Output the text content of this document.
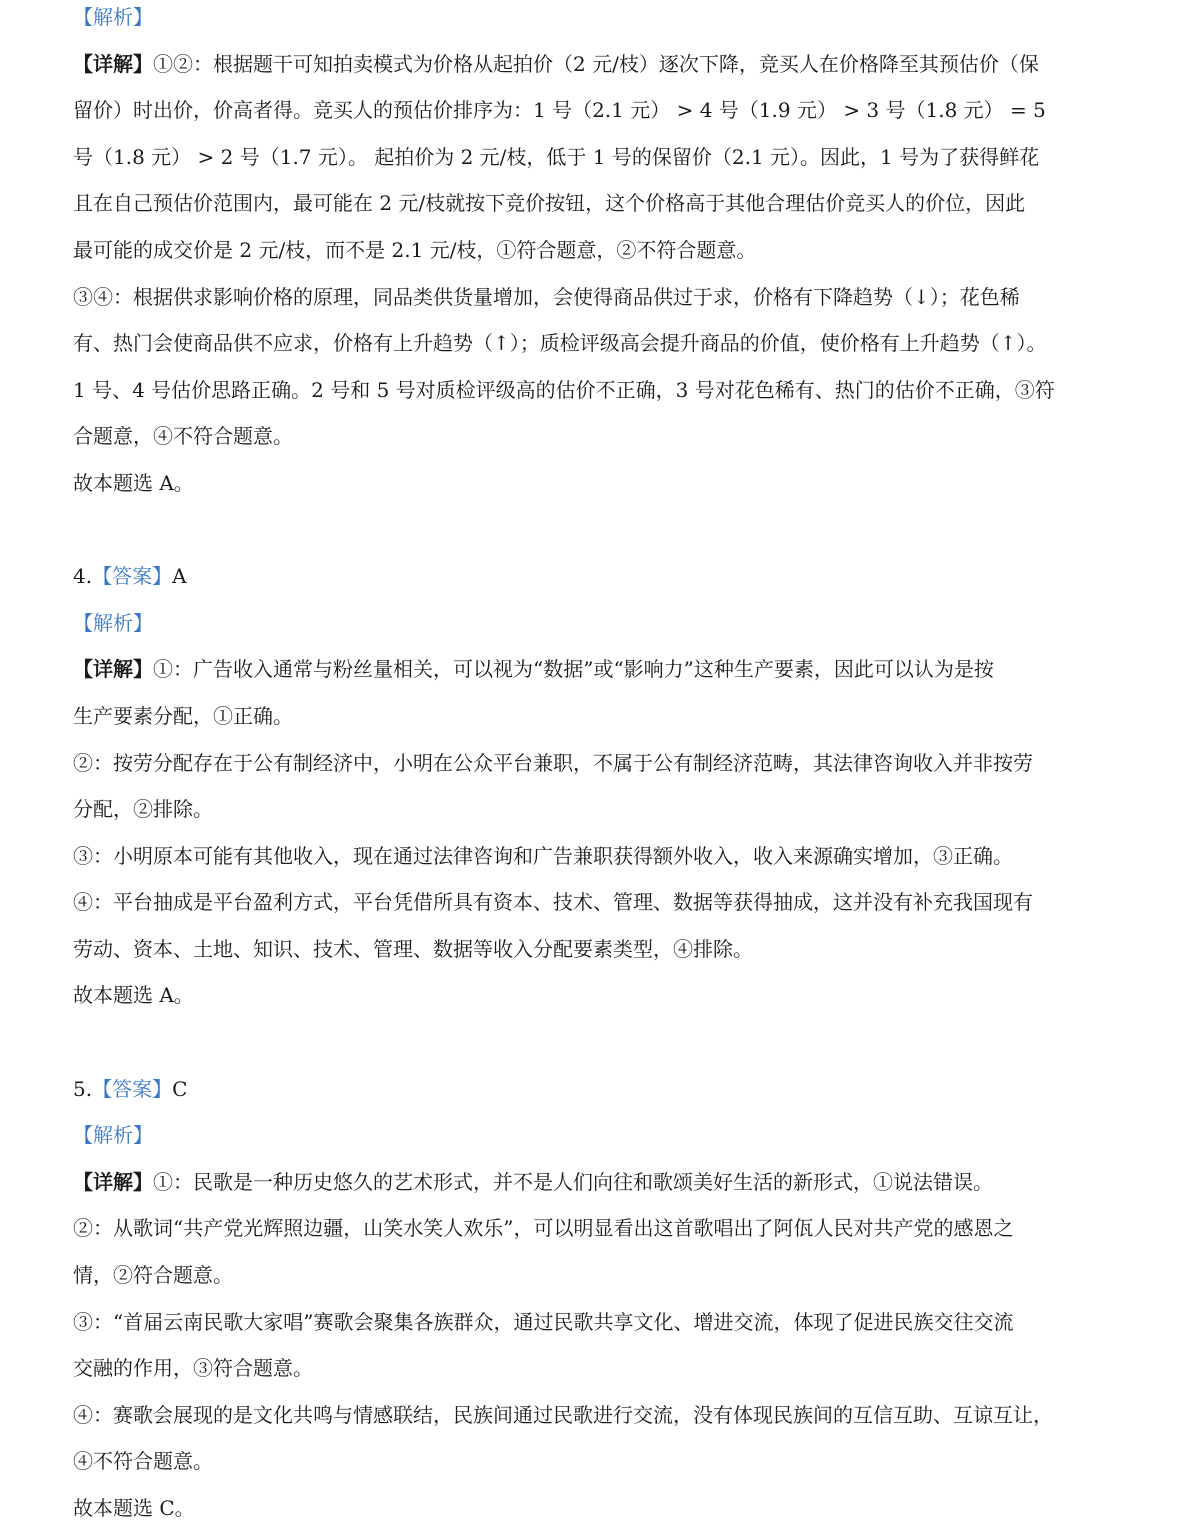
【解析】

【详解】①②：根据题干可知拍卖模式为价格从起拍价（2 元/枝）逐次下降，竞买人在价格降至其预估价（保

留价）时出价，价高者得。竞买人的预估价排序为：1 号（2.1 元） > 4 号（1.9 元） > 3 号（1.8 元） = 5

号（1.8 元） > 2 号（1.7 元）。 起拍价为 2 元/枝，低于 1 号的保留价（2.1 元）。因此，1 号为了获得鲜花

且在自己预估价范围内，最可能在 2 元/枝就按下竞价按钮，这个价格高于其他合理估价竞买人的价位，因此

最可能的成交价是 2 元/枝，而不是 2.1 元/枝，①符合题意，②不符合题意。

③④：根据供求影响价格的原理，同品类供货量增加，会使得商品供过于求，价格有下降趋势（↓）；花色稀

有、热门会使商品供不应求，价格有上升趋势（↑）；质检评级高会提升商品的价值，使价格有上升趋势（↑）。

1 号、4 号估价思路正确。2 号和 5 号对质检评级高的估价不正确，3 号对花色稀有、热门的估价不正确，③符

合题意，④不符合题意。

故本题选 A。

4.【答案】A

【解析】

【详解】①：广告收入通常与粉丝量相关，可以视为“数据”或“影响力”这种生产要素，因此可以认为是按

生产要素分配，①正确。

②：按劳分配存在于公有制经济中，小明在公众平台兼职，不属于公有制经济范畴，其法律咨询收入并非按劳

分配，②排除。

③：小明原本可能有其他收入，现在通过法律咨询和广告兼职获得额外收入，收入来源确实增加，③正确。

④：平台抽成是平台盈利方式，平台凭借所具有资本、技术、管理、数据等获得抽成，这并没有补充我国现有

劳动、资本、土地、知识、技术、管理、数据等收入分配要素类型，④排除。

故本题选 A。

5.【答案】C

【解析】

【详解】①：民歌是一种历史悠久的艺术形式，并不是人们向往和歌颂美好生活的新形式，①说法错误。

②：从歌词“共产党光辉照边疆，山笑水笑人欢乐”，可以明显看出这首歌唱出了阿佤人民对共产党的感恩之

情，②符合题意。

③：“首届云南民歌大家唱”赛歌会聚集各族群众，通过民歌共享文化、增进交流，体现了促进民族交往交流

交融的作用，③符合题意。

④：赛歌会展现的是文化共鸣与情感联结，民族间通过民歌进行交流，没有体现民族间的互信互助、互谅互让，

④不符合题意。

故本题选 C。
